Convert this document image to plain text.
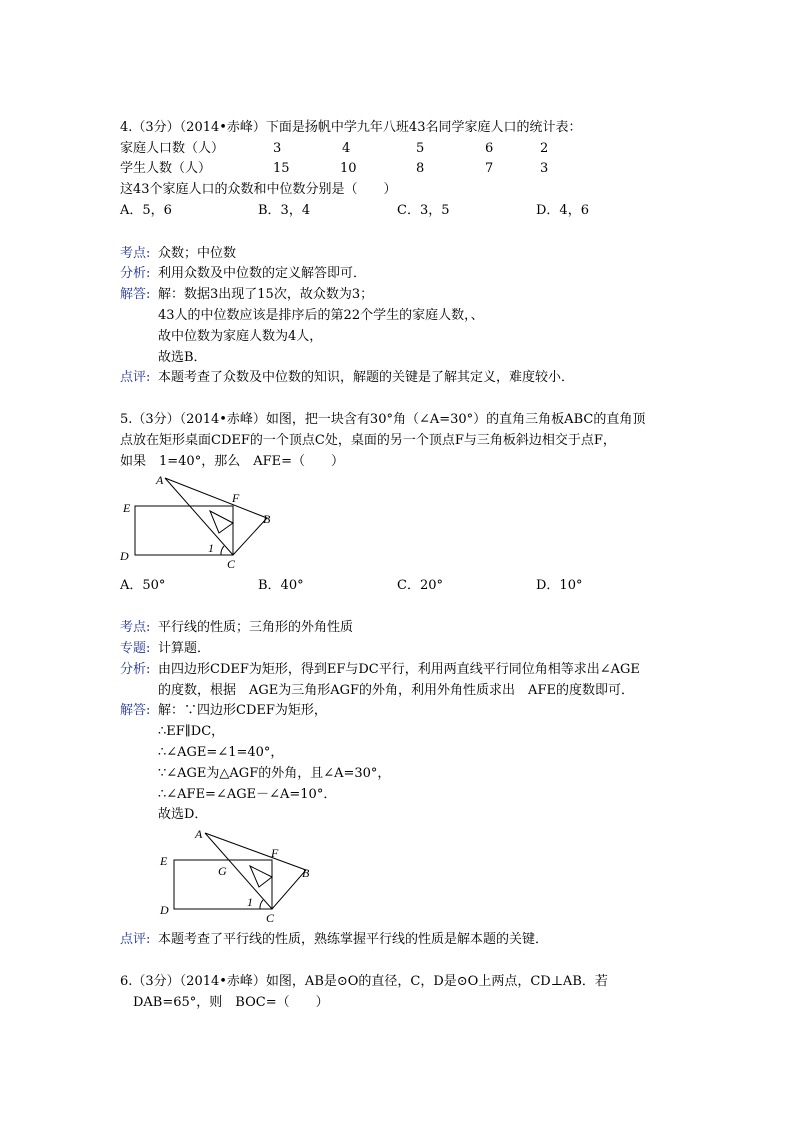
4.（3分）（2014•赤峰）下面是扬帆中学九年八班43名同学家庭人口的统计表：
家庭人口数（人）	3	4	5	6	2
学生人数（人）	15	10	8	7	3
这43个家庭人口的众数和中位数分别是（　　）
A．5，6	B．3，4	C．3，5	D．4，6
考点: 众数；中位数
分析: 利用众数及中位数的定义解答即可．
解答: 解：数据3出现了15次，故众数为3；
43人的中位数应该是排序后的第22个学生的家庭人数，、
故中位数为家庭人数为4人，
故选B．
点评: 本题考查了众数及中位数的知识，解题的关键是了解其定义，难度较小．
5.（3分）（2014•赤峰）如图，把一块含有30°角（∠A=30°）的直角三角板ABC的直角顶
点放在矩形桌面CDEF的一个顶点C处，桌面的另一个顶点F与三角板斜边相交于点F，
如果　1=40°，那么　AFE=（　　）
A
E
F
B
D
C
1
A．50°	B．40°	C．20°	D．10°
考点: 平行线的性质；三角形的外角性质
专题: 计算题．
分析: 由四边形CDEF为矩形，得到EF与DC平行，利用两直线平行同位角相等求出∠AGE
的度数，根据　AGE为三角形AGF的外角，利用外角性质求出　AFE的度数即可．
解答: 解：∵四边形CDEF为矩形，
∴EF∥DC，
∴∠AGE=∠1=40°，
∵∠AGE为△AGF的外角，且∠A=30°，
∴∠AFE=∠AGE－∠A=10°．
故选D．
A
E
G
F
B
D
C
1
点评: 本题考查了平行线的性质，熟练掌握平行线的性质是解本题的关键．
6.（3分）（2014•赤峰）如图，AB是⊙O的直径，C，D是⊙O上两点，CD⊥AB．若
　DAB=65°，则　BOC=（　　）
